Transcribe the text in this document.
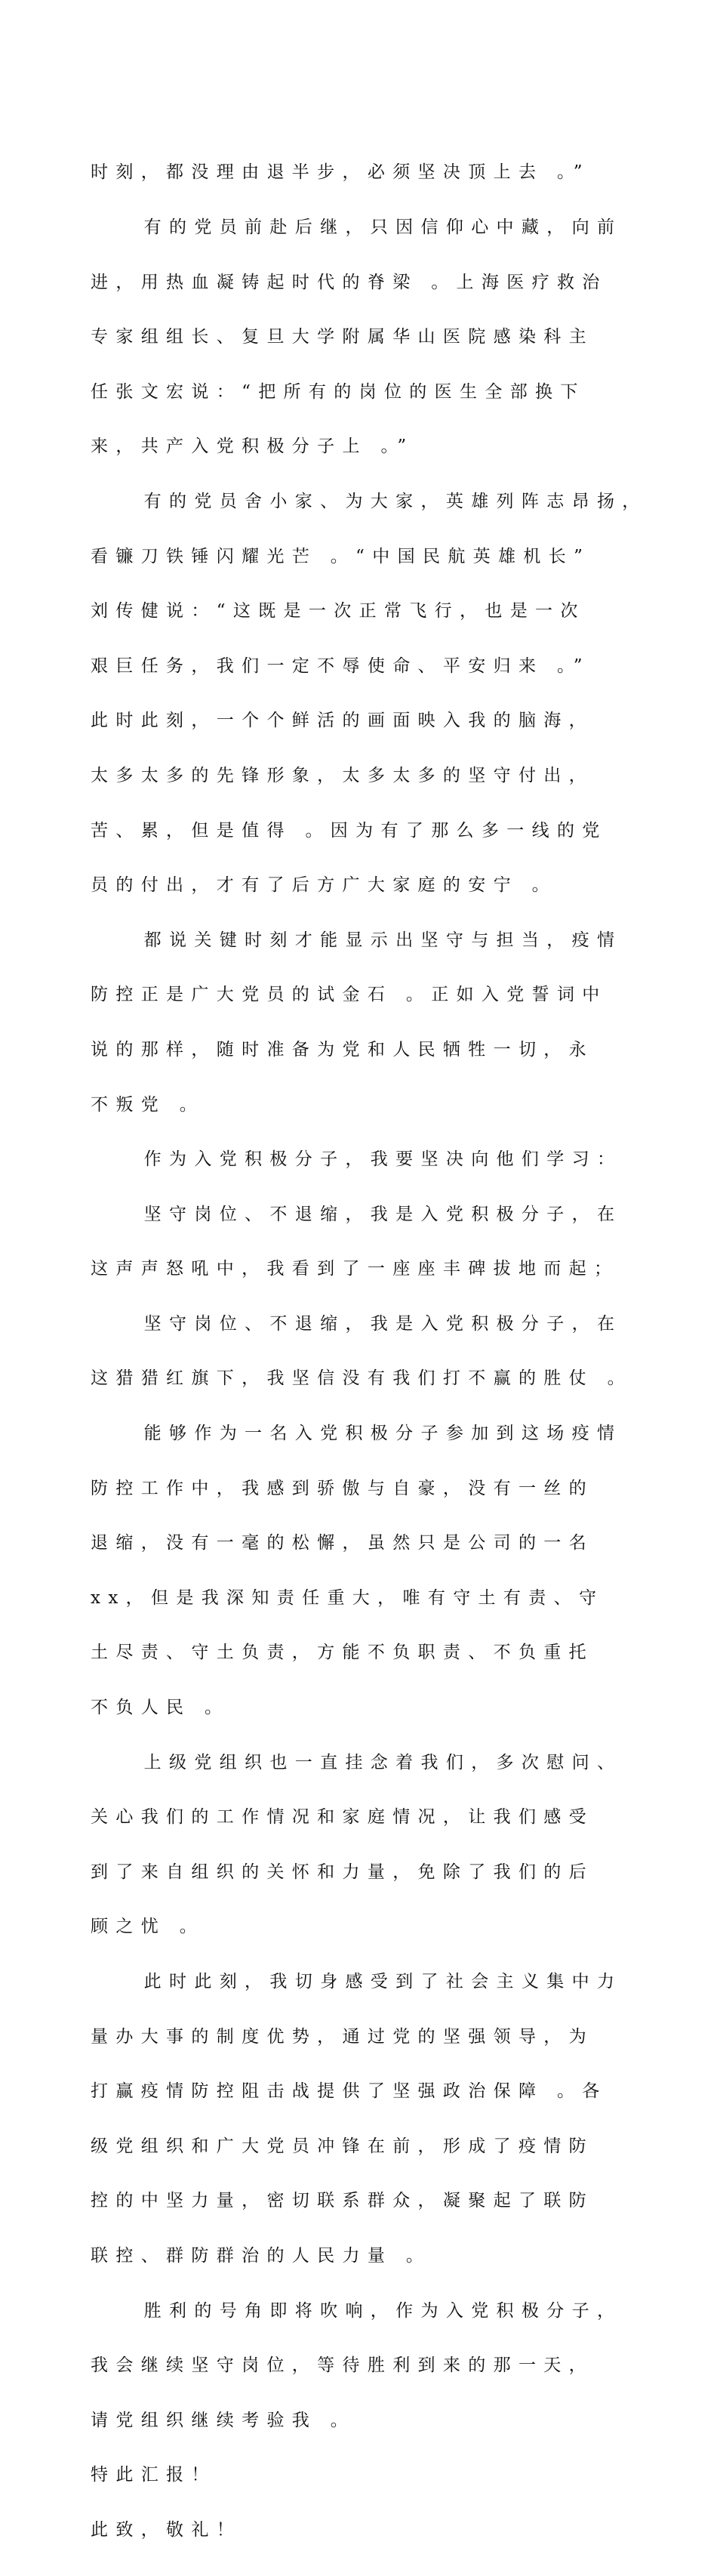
时刻，都没理由退半步，必须坚决顶上去 。”

有的党员前赴后继，只因信仰心中藏，向前

进，用热血凝铸起时代的脊梁 。上海医疗救治

专家组组长、复旦大学附属华山医院感染科主

任张文宏说：“把所有的岗位的医生全部换下

来，共产入党积极分子上 。”

有的党员舍小家、为大家，英雄列阵志昂扬，

看镰刀铁锤闪耀光芒 。“中国民航英雄机长”

刘传健说：“这既是一次正常飞行，也是一次

艰巨任务，我们一定不辱使命、平安归来 。”

此时此刻，一个个鲜活的画面映入我的脑海，

太多太多的先锋形象，太多太多的坚守付出，

苦、累，但是值得 。因为有了那么多一线的党

员的付出，才有了后方广大家庭的安宁 。

都说关键时刻才能显示出坚守与担当，疫情

防控正是广大党员的试金石 。正如入党誓词中

说的那样，随时准备为党和人民牺牲一切，永

不叛党 。

作为入党积极分子，我要坚决向他们学习：

坚守岗位、不退缩，我是入党积极分子，在

这声声怒吼中，我看到了一座座丰碑拔地而起；

坚守岗位、不退缩，我是入党积极分子，在

这猎猎红旗下，我坚信没有我们打不赢的胜仗 。

能够作为一名入党积极分子参加到这场疫情

防控工作中，我感到骄傲与自豪，没有一丝的

退缩，没有一毫的松懈，虽然只是公司的一名

xx，但是我深知责任重大，唯有守土有责、守

土尽责、守土负责，方能不负职责、不负重托

不负人民 。

上级党组织也一直挂念着我们，多次慰问、

关心我们的工作情况和家庭情况，让我们感受

到了来自组织的关怀和力量，免除了我们的后

顾之忧 。

此时此刻，我切身感受到了社会主义集中力

量办大事的制度优势，通过党的坚强领导，为

打赢疫情防控阻击战提供了坚强政治保障 。各

级党组织和广大党员冲锋在前，形成了疫情防

控的中坚力量，密切联系群众，凝聚起了联防

联控、群防群治的人民力量 。

胜利的号角即将吹响，作为入党积极分子，

我会继续坚守岗位，等待胜利到来的那一天，

请党组织继续考验我 。

特此汇报！

此致，敬礼！
